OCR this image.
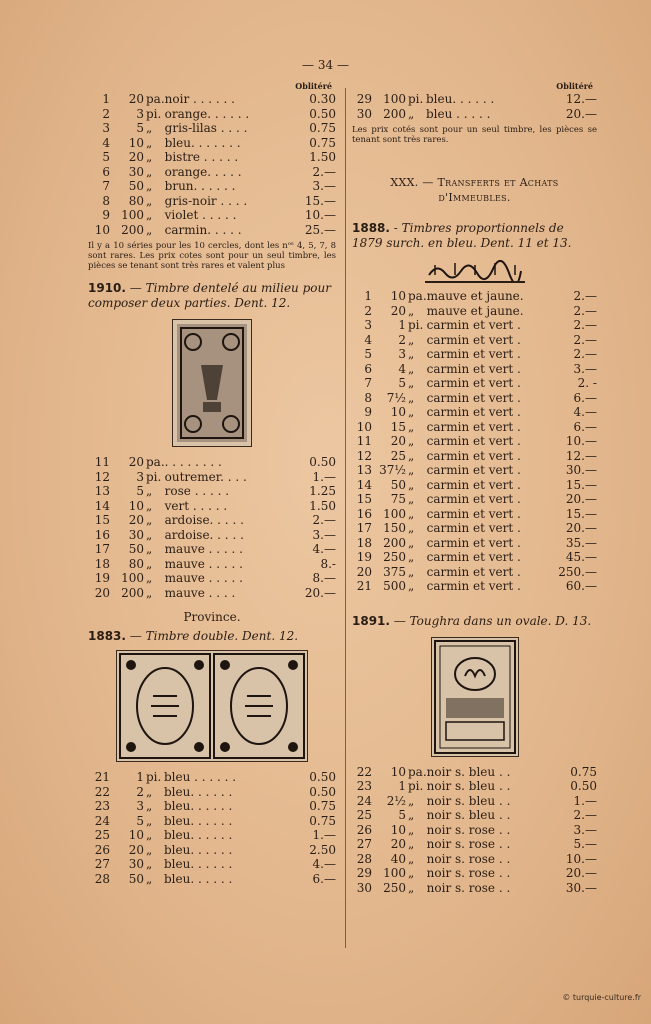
— 34 —
Oblitéré
1	20	pa.	noir . . . . . .	0.30
2	3	pi.	orange. . . . . .	0.50
3	5	„	gris-lilas . . . .	0.75
4	10	„	bleu. . . . . . .	0.75
5	20	„	bistre . . . . .	1.50
6	30	„	orange. . . . .	2.—
7	50	„	brun. . . . . .	3.—
8	80	„	gris-noir . . . .	15.—
9	100	„	violet . . . . .	10.—
10	200	„	carmin. . . . .	25.—

Il y a 10 séries pour les 10 cercles, dont les nᵒˢ 4, 5, 7, 8 sont rares. Les prix cotes sont pour un seul timbre, les pièces se tenant sont très rares et valent plus

1910. — Timbre dentelé au milieu pour composer deux parties. Dent. 12.

11	20	pa.	. . . . . . . .	0.50
12	3	pi.	outremer. . . .	1.—
13	5	„	rose . . . . .	1.25
14	10	„	vert . . . . .	1.50
15	20	„	ardoise. . . . .	2.—
16	30	„	ardoise. . . . .	3.—
17	50	„	mauve . . . . .	4.—
18	80	„	mauve . . . . .	8.-
19	100	„	mauve . . . . .	8.—
20	200	„	mauve . . . .	20.—

Province.

1883. — Timbre double. Dent. 12.

21	1	pi.	bleu . . . . . .	0.50
22	2	„	bleu. . . . . .	0.50
23	3	„	bleu. . . . . .	0.75
24	5	„	bleu. . . . . .	0.75
25	10	„	bleu. . . . . .	1.—
26	20	„	bleu. . . . . .	2.50
27	30	„	bleu. . . . . .	4.—
28	50	„	bleu. . . . . .	6.—
Oblitéré
29	100	pi.	bleu. . . . . .	12.—
30	200	„	bleu . . . . .	20.—

Les prix cotés sont pour un seul timbre, les pièces se tenant sont très rares.

XXX. — Transferts et Achats
d'Immeubles.

1888. - Timbres proportionnels de 1879 surch. en bleu. Dent. 11 et 13.

1	10	pa.	mauve et jaune.	2.—
2	20	„	mauve et jaune.	2.—
3	1	pi.	carmin et vert .	2.—
4	2	„	carmin et vert .	2.—
5	3	„	carmin et vert .	2.—
6	4	„	carmin et vert .	3.—
7	5	„	carmin et vert .	2. -
8	7½	„	carmin et vert .	6.—
9	10	„	carmin et vert .	4.—
10	15	„	carmin et vert .	6.—
11	20	„	carmin et vert .	10.—
12	25	„	carmin et vert .	12.—
13	37½	„	carmin et vert .	30.—
14	50	„	carmin et vert .	15.—
15	75	„	carmin et vert .	20.—
16	100	„	carmin et vert .	15.—
17	150	„	carmin et vert .	20.—
18	200	„	carmin et vert .	35.—
19	250	„	carmin et vert .	45.—
20	375	„	carmin et vert .	250.—
21	500	„	carmin et vert .	60.—

1891. — Toughra dans un ovale. D. 13.

22	10	pa.	noir s. bleu . .	0.75
23	1	pi.	noir s. bleu . .	0.50
24	2½	„	noir s. bleu . .	1.—
25	5	„	noir s. bleu . .	2.—
26	10	„	noir s. rose . .	3.—
27	20	„	noir s. rose . .	5.—
28	40	„	noir s. rose . .	10.—
29	100	„	noir s. rose . .	20.—
30	250	„	noir s. rose . .	30.—
© turquie-culture.fr
